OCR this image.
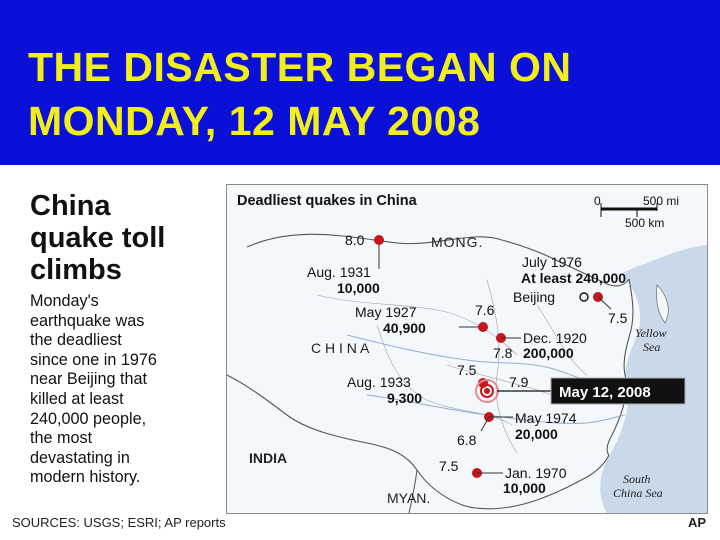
THE DISASTER BEGAN ON
MONDAY, 12 MAY 2008
China
quake toll
climbs
Monday's
earthquake was
the deadliest
since one in 1976
near Beijing that
killed at least
240,000 people,
the most
devastating in
modern history.
Deadliest quakes in China	0	500 mi
500 km
MONG.
C H I N A
INDIA
MYAN.
Yellow
Sea
South
China Sea
8.0
Aug. 1931
10,000
July 1976
At least 240,000
7.5
Beijing
May 1927
40,900
7.6
Dec. 1920
7.8 200,000
7.5
Aug. 1933
9,300
7.9
May 12, 2008
May 1974
20,000
6.8
7.5	Jan. 1970
10,000
SOURCES: USGS; ESRI; AP reports	AP
